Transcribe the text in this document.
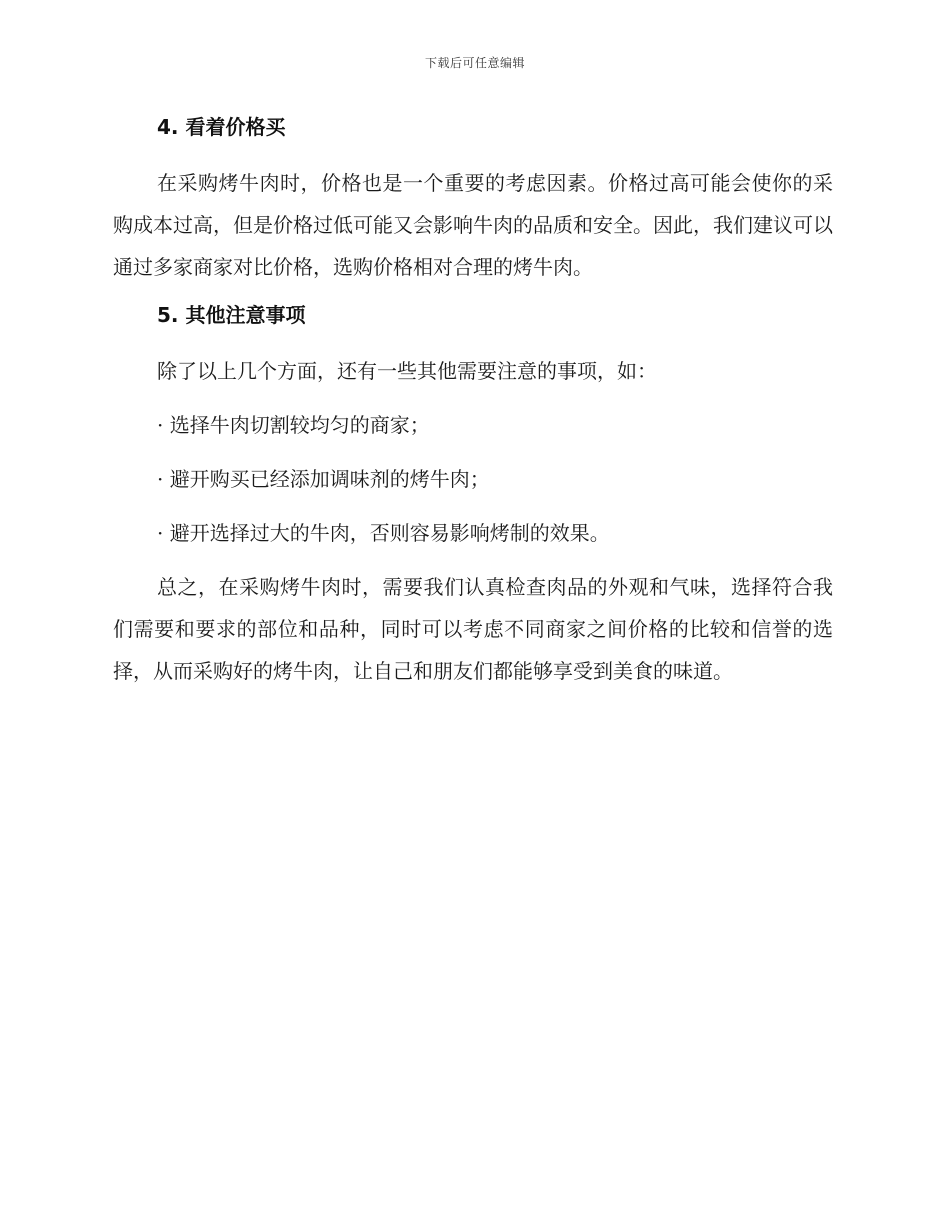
下载后可任意编辑
4. 看着价格买

在采购烤牛肉时，价格也是一个重要的考虑因素。价格过高可能会使你的采购成本过高，但是价格过低可能又会影响牛肉的品质和安全。因此，我们建议可以通过多家商家对比价格，选购价格相对合理的烤牛肉。

5. 其他注意事项

除了以上几个方面，还有一些其他需要注意的事项，如：

· 选择牛肉切割较均匀的商家；
· 避开购买已经添加调味剂的烤牛肉；
· 避开选择过大的牛肉，否则容易影响烤制的效果。

总之，在采购烤牛肉时，需要我们认真检查肉品的外观和气味，选择符合我们需要和要求的部位和品种，同时可以考虑不同商家之间价格的比较和信誉的选择，从而采购好的烤牛肉，让自己和朋友们都能够享受到美食的味道。
